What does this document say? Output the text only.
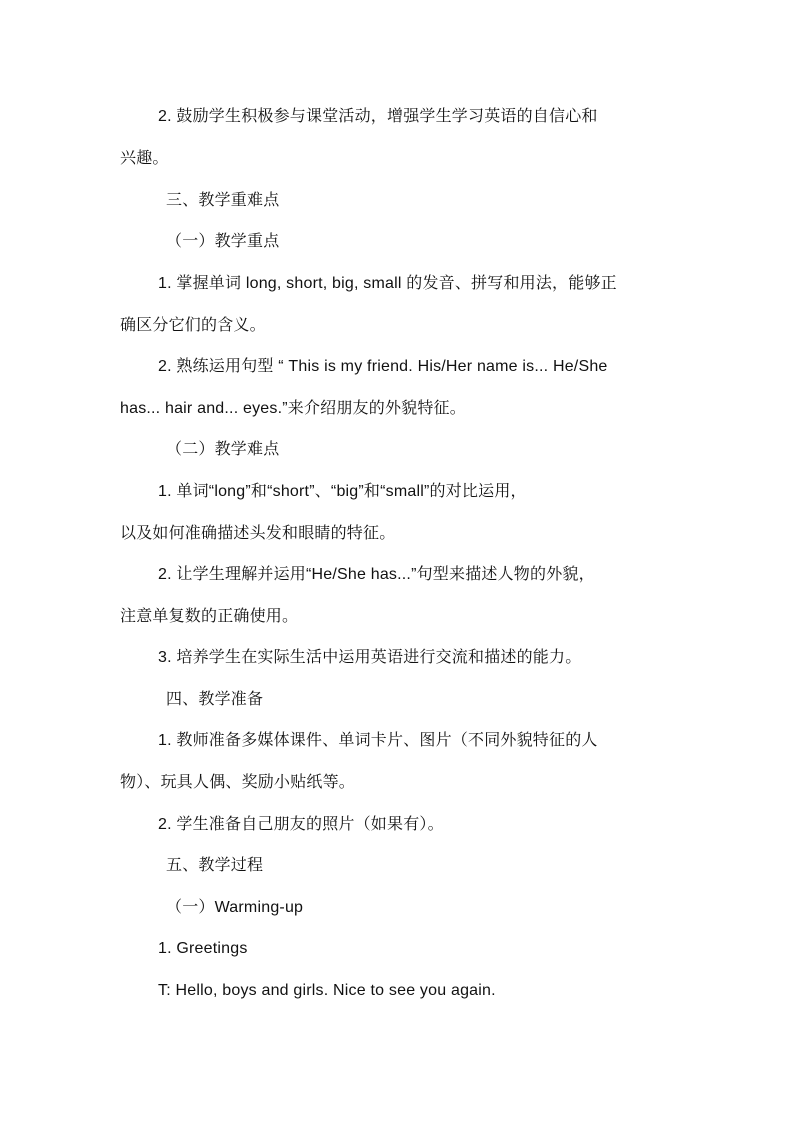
2. 鼓励学生积极参与课堂活动，增强学生学习英语的自信心和
兴趣。
三、教学重难点
（一）教学重点
1. 掌握单词 long, short, big, small 的发音、拼写和用法，能够正
确区分它们的含义。
2. 熟练运用句型 “ This is my friend. His/Her name is... He/She
has... hair and... eyes.”来介绍朋友的外貌特征。
（二）教学难点
1. 单词“long”和“short”、“big”和“small”的对比运用，
以及如何准确描述头发和眼睛的特征。
2. 让学生理解并运用“He/She has...”句型来描述人物的外貌，
注意单复数的正确使用。
3. 培养学生在实际生活中运用英语进行交流和描述的能力。
四、教学准备
1. 教师准备多媒体课件、单词卡片、图片（不同外貌特征的人
物）、玩具人偶、奖励小贴纸等。
2. 学生准备自己朋友的照片（如果有）。
五、教学过程
（一）Warming-up
1. Greetings
T: Hello, boys and girls. Nice to see you again.
